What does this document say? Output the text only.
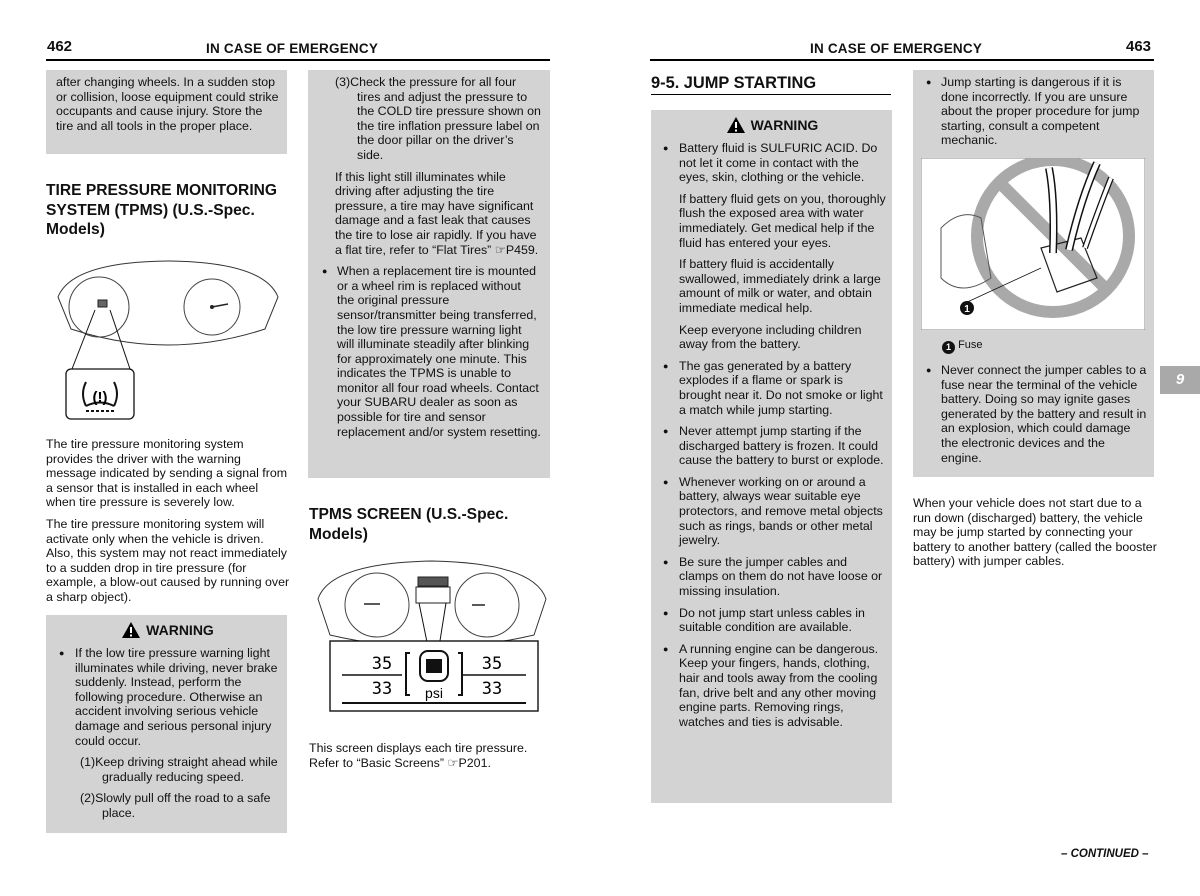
462	IN CASE OF EMERGENCY
after changing wheels. In a sudden stop or collision, loose equipment could strike occupants and cause injury. Store the tire and all tools in the proper place.
TIRE PRESSURE MONITORING SYSTEM (TPMS) (U.S.-Spec. Models)
(!)
The tire pressure monitoring system provides the driver with the warning message indicated by sending a signal from a sensor that is installed in each wheel when tire pressure is severely low.
The tire pressure monitoring system will activate only when the vehicle is driven. Also, this system may not react immediately to a sudden drop in tire pressure (for example, a blow-out caused by running over a sharp object).
WARNING
● If the low tire pressure warning light illuminates while driving, never brake suddenly. Instead, perform the following procedure. Otherwise an accident involving serious vehicle damage and serious personal injury could occur.
(1)Keep driving straight ahead while gradually reducing speed.
(2)Slowly pull off the road to a safe place.
(3)Check the pressure for all four tires and adjust the pressure to the COLD tire pressure shown on the tire inflation pressure label on the door pillar on the driver’s side.
If this light still illuminates while driving after adjusting the tire pressure, a tire may have significant damage and a fast leak that causes the tire to lose air rapidly. If you have a flat tire, refer to “Flat Tires” ☞P459.
● When a replacement tire is mounted or a wheel rim is replaced without the original pressure sensor/transmitter being transferred, the low tire pressure warning light will illuminate steadily after blinking for approximately one minute. This indicates the TPMS is unable to monitor all four road wheels. Contact your SUBARU dealer as soon as possible for tire and sensor replacement and/or system resetting.
TPMS SCREEN (U.S.-Spec. Models)
35	35
33	33
psi
This screen displays each tire pressure. Refer to “Basic Screens” ☞P201.
IN CASE OF EMERGENCY	463
9-5. JUMP STARTING
WARNING
● Battery fluid is SULFURIC ACID. Do not let it come in contact with the eyes, skin, clothing or the vehicle.
If battery fluid gets on you, thoroughly flush the exposed area with water immediately. Get medical help if the fluid has entered your eyes.
If battery fluid is accidentally swallowed, immediately drink a large amount of milk or water, and obtain immediate medical help.
Keep everyone including children away from the battery.
● The gas generated by a battery explodes if a flame or spark is brought near it. Do not smoke or light a match while jump starting.
● Never attempt jump starting if the discharged battery is frozen. It could cause the battery to burst or explode.
● Whenever working on or around a battery, always wear suitable eye protectors, and remove metal objects such as rings, bands or other metal jewelry.
● Be sure the jumper cables and clamps on them do not have loose or missing insulation.
● Do not jump start unless cables in suitable condition are available.
● A running engine can be dangerous. Keep your fingers, hands, clothing, hair and tools away from the cooling fan, drive belt and any other moving engine parts. Removing rings, watches and ties is advisable.
● Jump starting is dangerous if it is done incorrectly. If you are unsure about the proper procedure for jump starting, consult a competent mechanic.
1
1 Fuse
● Never connect the jumper cables to a fuse near the terminal of the vehicle battery. Doing so may ignite gases generated by the battery and result in an explosion, which could damage the electronic devices and the engine.
When your vehicle does not start due to a run down (discharged) battery, the vehicle may be jump started by connecting your battery to another battery (called the booster battery) with jumper cables.
9
– CONTINUED –
